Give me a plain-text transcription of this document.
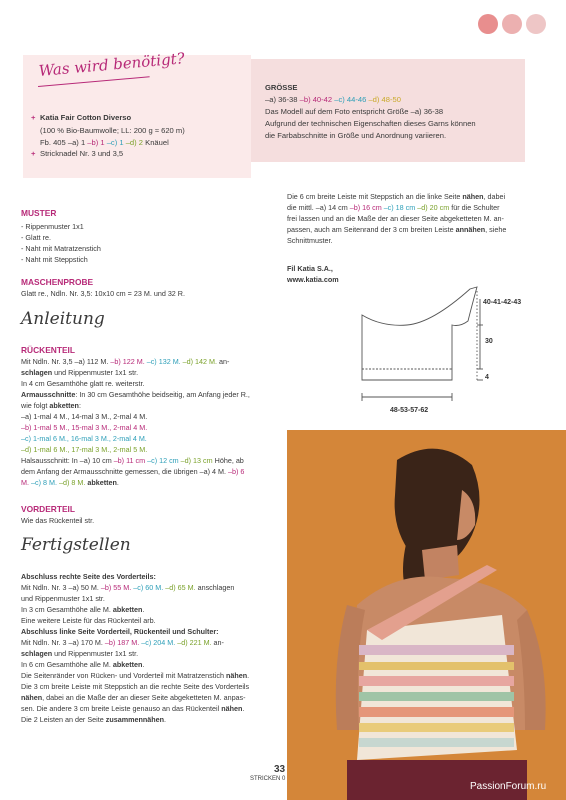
Was wird benötigt?
+ Katia Fair Cotton Diverso
(100 % Bio-Baumwolle; LL: 200 g ≈ 620 m)
Fb. 405 –a) 1 –b) 1 –c) 1 –d) 2 Knäuel
+ Stricknadel Nr. 3 und 3,5
GRÖSSE
–a) 36-38 –b) 40-42 –c) 44-46 –d) 48-50
Das Modell auf dem Foto entspricht Größe –a) 36-38
Aufgrund der technischen Eigenschaften dieses Garns können
die Farbabschnitte in Größe und Anordnung variieren.
MUSTER
- Rippenmuster 1x1
- Glatt re.
- Naht mit Matratzenstich
- Naht mit Steppstich
MASCHENPROBE
Glatt re., Ndln. Nr. 3,5: 10x10 cm = 23 M. und 32 R.
Anleitung
RÜCKENTEIL
Mit Ndln. Nr. 3,5 –a) 112 M. –b) 122 M. –c) 132 M. –d) 142 M. an-
schlagen und Rippenmuster 1x1 str.
In 4 cm Gesamthöhe glatt re. weiterstr.
Armausschnitte: In 30 cm Gesamthöhe beidseitig, am Anfang jeder R.,
wie folgt abketten:
–a) 1-mal 4 M., 14-mal 3 M., 2-mal 4 M.
–b) 1-mal 5 M., 15-mal 3 M., 2-mal 4 M.
–c) 1-mal 6 M., 16-mal 3 M., 2-mal 4 M.
–d) 1-mal 6 M., 17-mal 3 M., 2-mal 5 M.
Halsausschnitt: In –a) 10 cm –b) 11 cm –c) 12 cm –d) 13 cm Höhe, ab
dem Anfang der Armausschnitte gemessen, die übrigen –a) 4 M. –b) 6
M. –c) 8 M. –d) 8 M. abketten.
VORDERTEIL
Wie das Rückenteil str.
Fertigstellen
Abschluss rechte Seite des Vorderteils:
Mit Ndln. Nr. 3 –a) 50 M. –b) 55 M. –c) 60 M. –d) 65 M. anschlagen
und Rippenmuster 1x1 str.
In 3 cm Gesamthöhe alle M. abketten.
Eine weitere Leiste für das Rückenteil arb.
Abschluss linke Seite Vorderteil, Rückenteil und Schulter:
Mit Ndln. Nr. 3 –a) 170 M. –b) 187 M. –c) 204 M. –d) 221 M. an-
schlagen und Rippenmuster 1x1 str.
In 6 cm Gesamthöhe alle M. abketten.
Die Seitenränder von Rücken- und Vorderteil mit Matratzenstich nähen.
Die 3 cm breite Leiste mit Steppstich an die rechte Seite des Vorderteils
nähen, dabei an die Maße der an dieser Seite abgeketteten M. anpas-
sen. Die andere 3 cm breite Leiste genauso an das Rückenteil nähen.
Die 2 Leisten an der Seite zusammennähen.
Die 6 cm breite Leiste mit Steppstich an die linke Seite nähen, dabei
die mittl. –a) 14 cm –b) 16 cm –c) 18 cm –d) 20 cm für die Schulter
frei lassen und an die Maße der an dieser Seite abgeketteten M. an-
passen, auch am Seitenrand der 3 cm breiten Leiste annähen, siehe
Schnittmuster.
Fil Katia S.A.,
www.katia.com
40-41-42-43
30
4
48-53-57-62
33
STRICKEN 0
PassionForum.ru
